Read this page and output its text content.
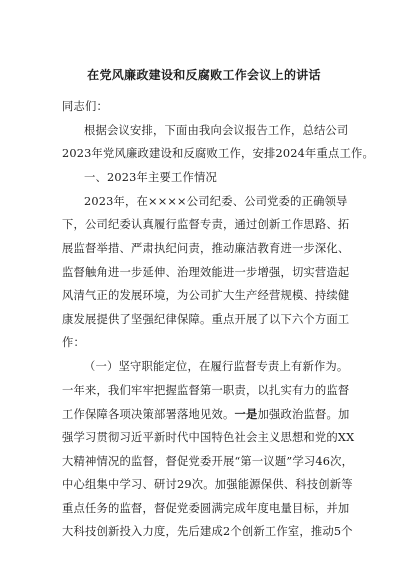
在党风廉政建设和反腐败工作会议上的讲话
同志们：
根据会议安排，下面由我向会议报告工作，总结公司
2023年党风廉政建设和反腐败工作，安排2024年重点工作。
一、2023年主要工作情况
2023年，在××××公司纪委、公司党委的正确领导
下，公司纪委认真履行监督专责，通过创新工作思路、拓
展监督举措、严肃执纪问责，推动廉洁教育进一步深化、
监督触角进一步延伸、治理效能进一步增强，切实营造起
风清气正的发展环境，为公司扩大生产经营规模、持续健
康发展提供了坚强纪律保障。重点开展了以下六个方面工
作：
（一）坚守职能定位，在履行监督专责上有新作为。
一年来，我们牢牢把握监督第一职责，以扎实有力的监督
工作保障各项决策部署落地见效。一是加强政治监督。加
强学习贯彻习近平新时代中国特色社会主义思想和党的XX
大精神情况的监督，督促党委开展“第一议题”学习46次，
中心组集中学习、研讨29次。加强能源保供、科技创新等
重点任务的监督，督促党委圆满完成年度电量目标，并加
大科技创新投入力度，先后建成2个创新工作室，推动5个
